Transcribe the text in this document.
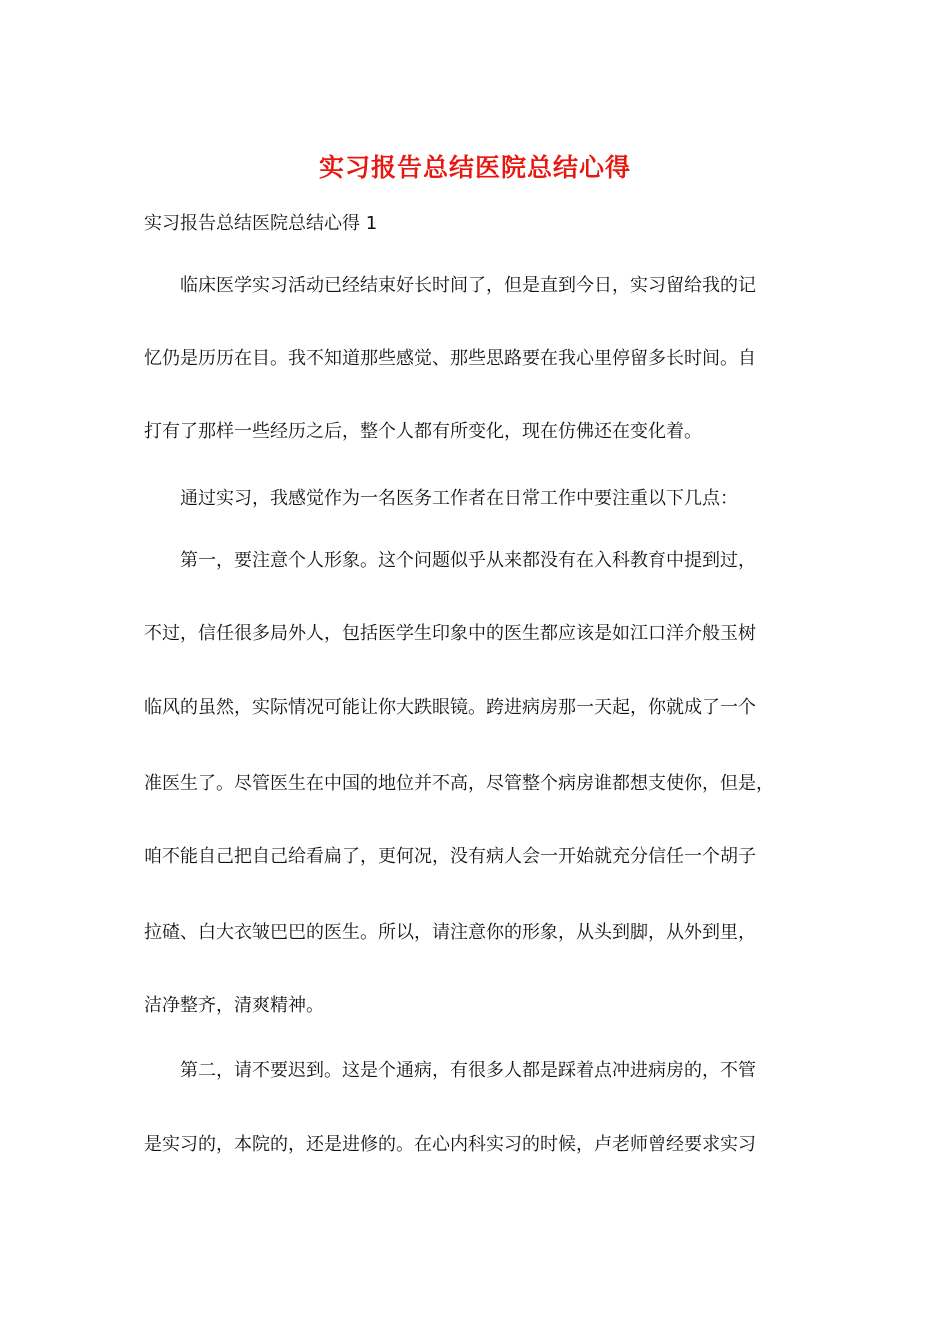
实习报告总结医院总结心得
实习报告总结医院总结心得 1
临床医学实习活动已经结束好长时间了，但是直到今日，实习留给我的记
忆仍是历历在目。我不知道那些感觉、那些思路要在我心里停留多长时间。自
打有了那样一些经历之后，整个人都有所变化，现在仿佛还在变化着。
通过实习，我感觉作为一名医务工作者在日常工作中要注重以下几点：
第一，要注意个人形象。这个问题似乎从来都没有在入科教育中提到过，
不过，信任很多局外人，包括医学生印象中的医生都应该是如江口洋介般玉树
临风的虽然，实际情况可能让你大跌眼镜。跨进病房那一天起，你就成了一个
准医生了。尽管医生在中国的地位并不高，尽管整个病房谁都想支使你，但是，
咱不能自己把自己给看扁了，更何况，没有病人会一开始就充分信任一个胡子
拉碴、白大衣皱巴巴的医生。所以，请注意你的形象，从头到脚，从外到里，
洁净整齐，清爽精神。
第二，请不要迟到。这是个通病，有很多人都是踩着点冲进病房的，不管
是实习的，本院的，还是进修的。在心内科实习的时候，卢老师曾经要求实习
